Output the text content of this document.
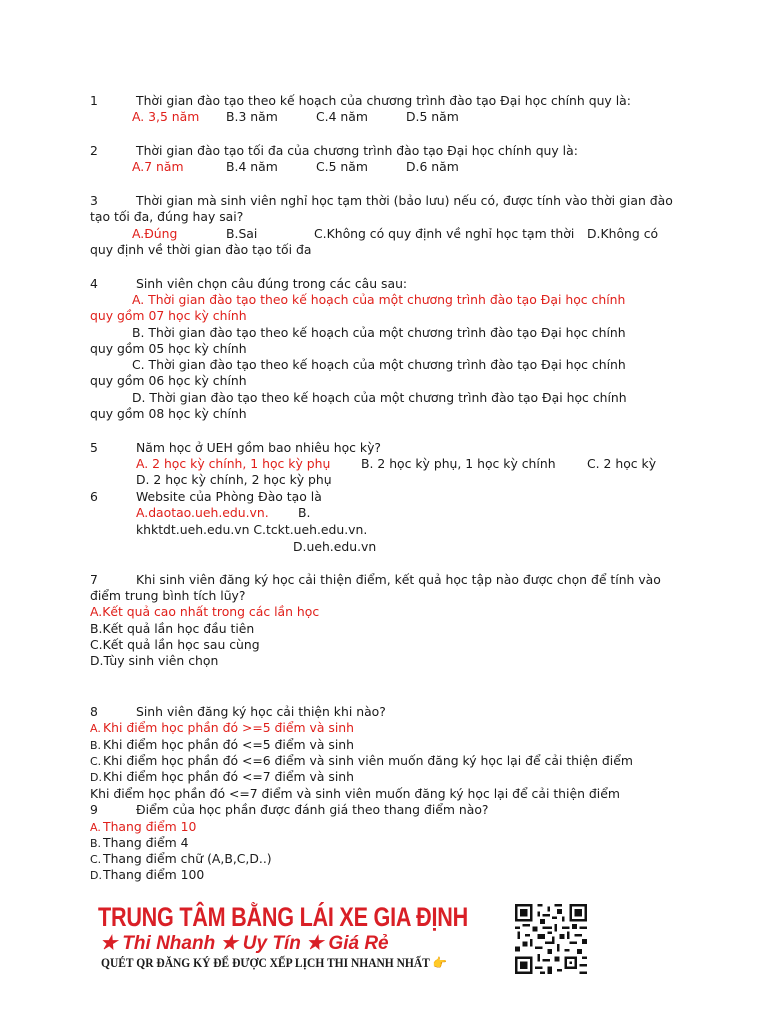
1	Thời gian đào tạo theo kế hoạch của chương trình đào tạo Đại học chính quy là:
A. 3,5 năm B.3 năm	C.4 năm	D.5 năm
2	Thời gian đào tạo tối đa của chương trình đào tạo Đại học chính quy là:
A.7 năm	B.4 năm	C.5 năm	D.6 năm
3	Thời gian mà sinh viên nghỉ học tạm thời (bảo lưu) nếu có, được tính vào thời gian đào
tạo tối đa, đúng hay sai?
A.Đúng	B.Sai	C.Không có quy định về nghỉ học tạm thời D.Không có
quy định về thời gian đào tạo tối đa
4	Sinh viên chọn câu đúng trong các câu sau:
A. Thời gian đào tạo theo kế hoạch của một chương trình đào tạo Đại học chính
quy gồm 07 học kỳ chính
B. Thời gian đào tạo theo kế hoạch của một chương trình đào tạo Đại học chính
quy gồm 05 học kỳ chính
C. Thời gian đào tạo theo kế hoạch của một chương trình đào tạo Đại học chính
quy gồm 06 học kỳ chính
D. Thời gian đào tạo theo kế hoạch của một chương trình đào tạo Đại học chính
quy gồm 08 học kỳ chính
5	Năm học ở UEH gồm bao nhiêu học kỳ?
A. 2 học kỳ chính, 1 học kỳ phụ B. 2 học kỳ phụ, 1 học kỳ chính	C. 2 học kỳ
D. 2 học kỳ chính, 2 học kỳ phụ
6	Website của Phòng Đào tạo là
A.daotao.ueh.edu.vn. B.
khktdt.ueh.edu.vn C.tckt.ueh.edu.vn.
D.ueh.edu.vn
7	Khi sinh viên đăng ký học cải thiện điểm, kết quả học tập nào được chọn để tính vào
điểm trung bình tích lũy?
A.Kết quả cao nhất trong các lần học
B.Kết quả lần học đầu tiên
C.Kết quả lần học sau cùng
D.Tùy sinh viên chọn
8	Sinh viên đăng ký học cải thiện khi nào?
A. Khi điểm học phần đó >=5 điểm và sinh
B. Khi điểm học phần đó <=5 điểm và sinh
C. Khi điểm học phần đó <=6 điểm và sinh viên muốn đăng ký học lại để cải thiện điểm
D. Khi điểm học phần đó <=7 điểm và sinh
Khi điểm học phần đó <=7 điểm và sinh viên muốn đăng ký học lại để cải thiện điểm
9	Điểm của học phần được đánh giá theo thang điểm nào?
A. Thang điểm 10
B. Thang điểm 4
C. Thang điểm chữ (A,B,C,D..)
D. Thang điểm 100
TRUNG TÂM BẰNG LÁI XE GIA ĐỊNH
★ Thi Nhanh ★ Uy Tín ★ Giá Rẻ
QUÉT QR ĐĂNG KÝ ĐỂ ĐƯỢC XẾP LỊCH THI NHANH NHẤT 👉
